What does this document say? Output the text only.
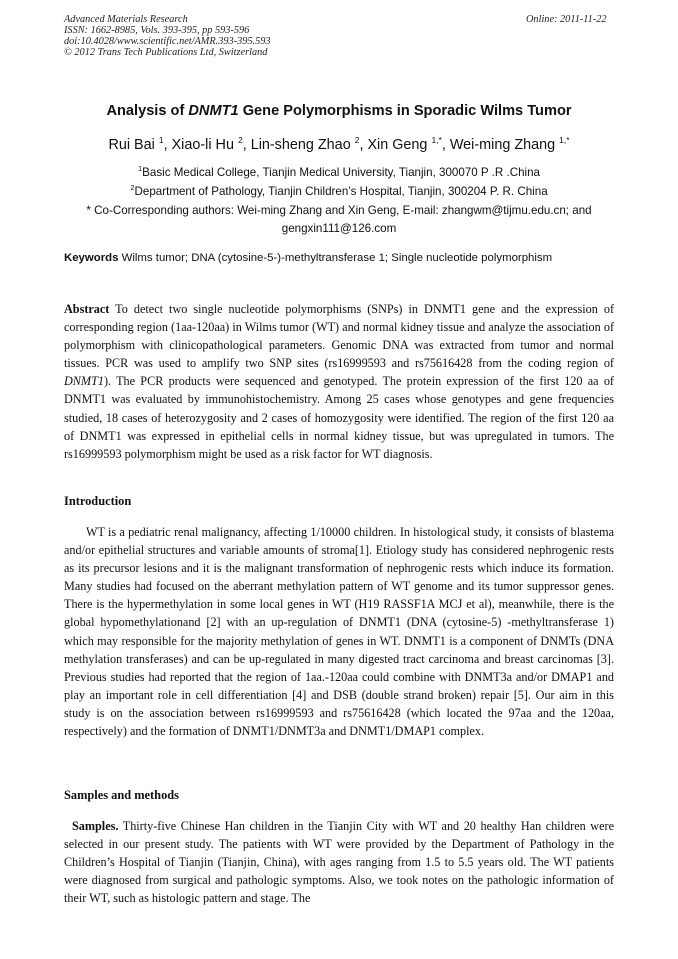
Advanced Materials Research
ISSN: 1662-8985, Vols. 393-395, pp 593-596
doi:10.4028/www.scientific.net/AMR.393-395.593
© 2012 Trans Tech Publications Ltd, Switzerland
Online: 2011-11-22
Analysis of DNMT1 Gene Polymorphisms in Sporadic Wilms Tumor
Rui Bai $^1$, Xiao-li Hu $^2$, Lin-sheng Zhao $^2$, Xin Geng $^{1,*}$, Wei-ming Zhang $^{1,*}$
$^1$Basic Medical College, Tianjin Medical University, Tianjin, 300070 P .R .China
$^2$Department of Pathology, Tianjin Children’s Hospital, Tianjin, 300204 P. R. China
* Co-Corresponding authors: Wei-ming Zhang and Xin Geng, E-mail: zhangwm@tijmu.edu.cn; and
gengxin111@126.com
Keywords Wilms tumor; DNA (cytosine-5-)-methyltransferase 1; Single nucleotide polymorphism
Abstract To detect two single nucleotide polymorphisms (SNPs) in DNMT1 gene and the expression of corresponding region (1aa-120aa) in Wilms tumor (WT) and normal kidney tissue and analyze the association of polymorphism with clinicopathological parameters. Genomic DNA was extracted from tumor and normal tissues. PCR was used to amplify two SNP sites (rs16999593 and rs75616428 from the coding region of DNMT1). The PCR products were sequenced and genotyped. The protein expression of the first 120 aa of DNMT1 was evaluated by immunohistochemistry. Among 25 cases whose genotypes and gene frequencies studied, 18 cases of heterozygosity and 2 cases of homozygosity were identified. The region of the first 120 aa of DNMT1 was expressed in epithelial cells in normal kidney tissue, but was upregulated in tumors. The rs16999593 polymorphism might be used as a risk factor for WT diagnosis.
Introduction
WT is a pediatric renal malignancy, affecting 1/10000 children. In histological study, it consists of blastema and/or epithelial structures and variable amounts of stroma[1]. Etiology study has considered nephrogenic rests as its precursor lesions and it is the malignant transformation of nephrogenic rests which induce its formation. Many studies had focused on the aberrant methylation pattern of WT genome and its tumor suppressor genes. There is the hypermethylation in some local genes in WT (H19 RASSF1A MCJ et al), meanwhile, there is the global hypomethylationand [2] with an up-regulation of DNMT1 (DNA (cytosine-5) -methyltransferase 1) which may responsible for the majority methylation of genes in WT. DNMT1 is a component of DNMTs (DNA methylation transferases) and can be up-regulated in many digested tract carcinoma and breast carcinomas [3]. Previous studies had reported that the region of 1aa.-120aa could combine with DNMT3a and/or DMAP1 and play an important role in cell differentiation [4] and DSB (double strand broken) repair [5]. Our aim in this study is on the association between rs16999593 and rs75616428 (which located the 97aa and the 120aa, respectively) and the formation of DNMT1/DNMT3a and DNMT1/DMAP1 complex.
Samples and methods
Samples. Thirty-five Chinese Han children in the Tianjin City with WT and 20 healthy Han children were selected in our present study. The patients with WT were provided by the Department of Pathology in the Children’s Hospital of Tianjin (Tianjin, China), with ages ranging from 1.5 to 5.5 years old. The WT patients were diagnosed from surgical and pathologic symptoms. Also, we took notes on the pathologic information of their WT, such as histologic pattern and stage. The
